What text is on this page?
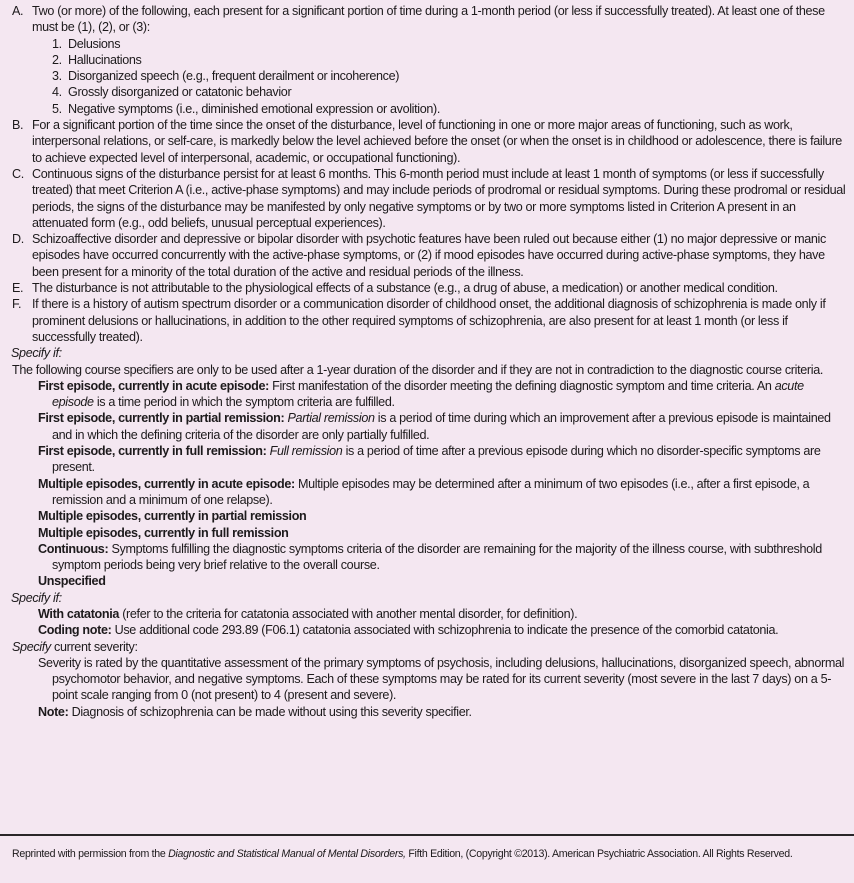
A. Two (or more) of the following, each present for a significant portion of time during a 1-month period (or less if successfully treated). At least one of these must be (1), (2), or (3):
1. Delusions
2. Hallucinations
3. Disorganized speech (e.g., frequent derailment or incoherence)
4. Grossly disorganized or catatonic behavior
5. Negative symptoms (i.e., diminished emotional expression or avolition).
B. For a significant portion of the time since the onset of the disturbance, level of functioning in one or more major areas of functioning, such as work, interpersonal relations, or self-care, is markedly below the level achieved before the onset (or when the onset is in childhood or adolescence, there is failure to achieve expected level of interpersonal, academic, or occupational functioning).
C. Continuous signs of the disturbance persist for at least 6 months. This 6-month period must include at least 1 month of symptoms (or less if successfully treated) that meet Criterion A (i.e., active-phase symptoms) and may include periods of prodromal or residual symptoms. During these prodromal or residual periods, the signs of the disturbance may be manifested by only negative symptoms or by two or more symptoms listed in Criterion A present in an attenuated form (e.g., odd beliefs, unusual perceptual experiences).
D. Schizoaffective disorder and depressive or bipolar disorder with psychotic features have been ruled out because either (1) no major depressive or manic episodes have occurred concurrently with the active-phase symptoms, or (2) if mood episodes have occurred during active-phase symptoms, they have been present for a minority of the total duration of the active and residual periods of the illness.
E. The disturbance is not attributable to the physiological effects of a substance (e.g., a drug of abuse, a medication) or another medical condition.
F. If there is a history of autism spectrum disorder or a communication disorder of childhood onset, the additional diagnosis of schizophrenia is made only if prominent delusions or hallucinations, in addition to the other required symptoms of schizophrenia, are also present for at least 1 month (or less if successfully treated).
Specify if:
The following course specifiers are only to be used after a 1-year duration of the disorder and if they are not in contradiction to the diagnostic course criteria.
First episode, currently in acute episode: First manifestation of the disorder meeting the defining diagnostic symptom and time criteria. An acute episode is a time period in which the symptom criteria are fulfilled.
First episode, currently in partial remission: Partial remission is a period of time during which an improvement after a previous episode is maintained and in which the defining criteria of the disorder are only partially fulfilled.
First episode, currently in full remission: Full remission is a period of time after a previous episode during which no disorder-specific symptoms are present.
Multiple episodes, currently in acute episode: Multiple episodes may be determined after a minimum of two episodes (i.e., after a first episode, a remission and a minimum of one relapse).
Multiple episodes, currently in partial remission
Multiple episodes, currently in full remission
Continuous: Symptoms fulfilling the diagnostic symptoms criteria of the disorder are remaining for the majority of the illness course, with subthreshold symptom periods being very brief relative to the overall course.
Unspecified
Specify if:
With catatonia (refer to the criteria for catatonia associated with another mental disorder, for definition).
Coding note: Use additional code 293.89 (F06.1) catatonia associated with schizophrenia to indicate the presence of the comorbid catatonia.
Specify current severity:
Severity is rated by the quantitative assessment of the primary symptoms of psychosis, including delusions, hallucinations, disorganized speech, abnormal psychomotor behavior, and negative symptoms. Each of these symptoms may be rated for its current severity (most severe in the last 7 days) on a 5-point scale ranging from 0 (not present) to 4 (present and severe).
Note: Diagnosis of schizophrenia can be made without using this severity specifier.
Reprinted with permission from the Diagnostic and Statistical Manual of Mental Disorders, Fifth Edition, (Copyright ©2013). American Psychiatric Association. All Rights Reserved.
